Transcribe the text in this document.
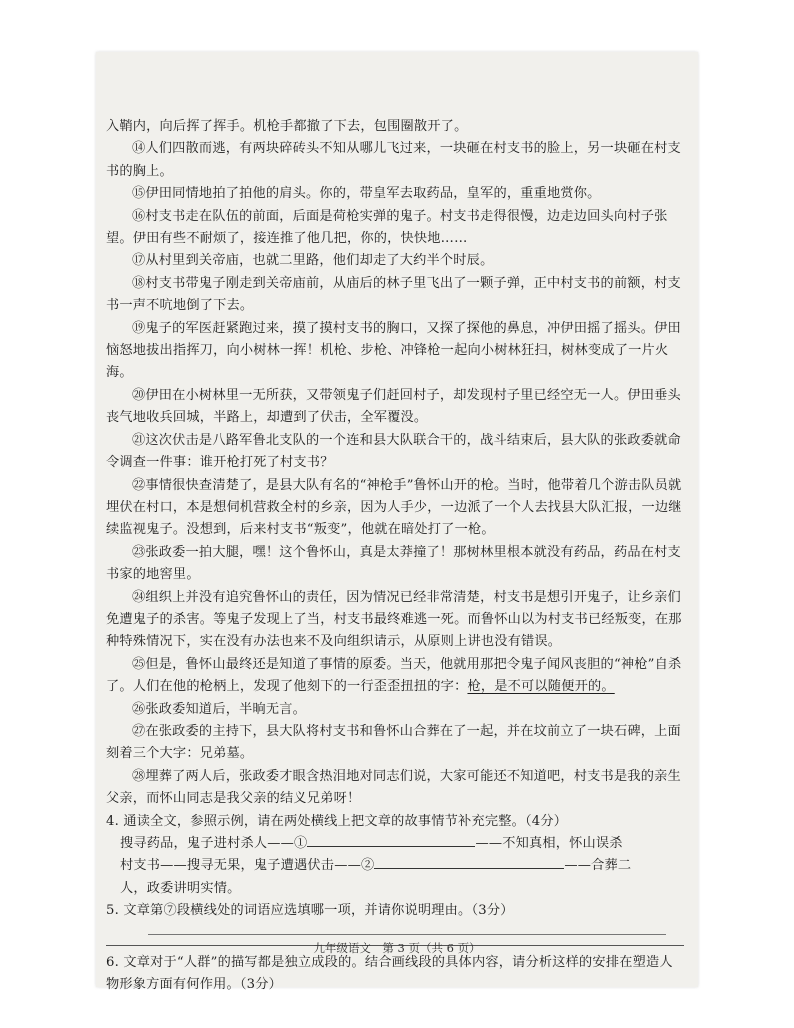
入鞘内，向后挥了挥手。机枪手都撤了下去，包围圈散开了。

⑭人们四散而逃，有两块碎砖头不知从哪儿飞过来，一块砸在村支书的脸上，另一块砸在村支书的胸上。

⑮伊田同情地拍了拍他的肩头。你的，带皇军去取药品，皇军的，重重地赏你。

⑯村支书走在队伍的前面，后面是荷枪实弹的鬼子。村支书走得很慢，边走边回头向村子张望。伊田有些不耐烦了，接连推了他几把，你的，快快地……

⑰从村里到关帝庙，也就二里路，他们却走了大约半个时辰。

⑱村支书带鬼子刚走到关帝庙前，从庙后的林子里飞出了一颗子弹，正中村支书的前额，村支书一声不吭地倒了下去。

⑲鬼子的军医赶紧跑过来，摸了摸村支书的胸口，又探了探他的鼻息，冲伊田摇了摇头。伊田恼怒地拔出指挥刀，向小树林一挥！机枪、步枪、冲锋枪一起向小树林狂扫，树林变成了一片火海。

⑳伊田在小树林里一无所获，又带领鬼子们赶回村子，却发现村子里已经空无一人。伊田垂头丧气地收兵回城，半路上，却遭到了伏击，全军覆没。

㉑这次伏击是八路军鲁北支队的一个连和县大队联合干的，战斗结束后，县大队的张政委就命令调查一件事：谁开枪打死了村支书？

㉒事情很快查清楚了，是县大队有名的“神枪手”鲁怀山开的枪。当时，他带着几个游击队员就埋伏在村口，本是想伺机营救全村的乡亲，因为人手少，一边派了一个人去找县大队汇报，一边继续监视鬼子。没想到，后来村支书“叛变”，他就在暗处打了一枪。

㉓张政委一拍大腿，嘿！这个鲁怀山，真是太莽撞了！那树林里根本就没有药品，药品在村支书家的地窖里。

㉔组织上并没有追究鲁怀山的责任，因为情况已经非常清楚，村支书是想引开鬼子，让乡亲们免遭鬼子的杀害。等鬼子发现上了当，村支书最终难逃一死。而鲁怀山以为村支书已经叛变，在那种特殊情况下，实在没有办法也来不及向组织请示，从原则上讲也没有错误。

㉕但是，鲁怀山最终还是知道了事情的原委。当天，他就用那把令鬼子闻风丧胆的“神枪”自杀了。人们在他的枪柄上，发现了他刻下的一行歪歪扭扭的字：枪，是不可以随便开的。

㉖张政委知道后，半晌无言。

㉗在张政委的主持下，县大队将村支书和鲁怀山合葬在了一起，并在坟前立了一块石碑，上面刻着三个大字：兄弟墓。

㉘埋葬了两人后，张政委才眼含热泪地对同志们说，大家可能还不知道吧，村支书是我的亲生父亲，而怀山同志是我父亲的结义兄弟呀！

4. 通读全文，参照示例，请在两处横线上把文章的故事情节补充完整。（4分）
搜寻药品，鬼子进村杀人——①	——不知真相，怀山误杀
村支书——搜寻无果，鬼子遭遇伏击——②	——合葬二
人，政委讲明实情。
5. 文章第⑦段横线处的词语应选填哪一项，并请你说明理由。（3分）
6. 文章对于“人群”的描写都是独立成段的。结合画线段的具体内容，请分析这样的安排在塑造人物形象方面有何作用。（3分）
九年级语文　第 3 页（共 6 页）
